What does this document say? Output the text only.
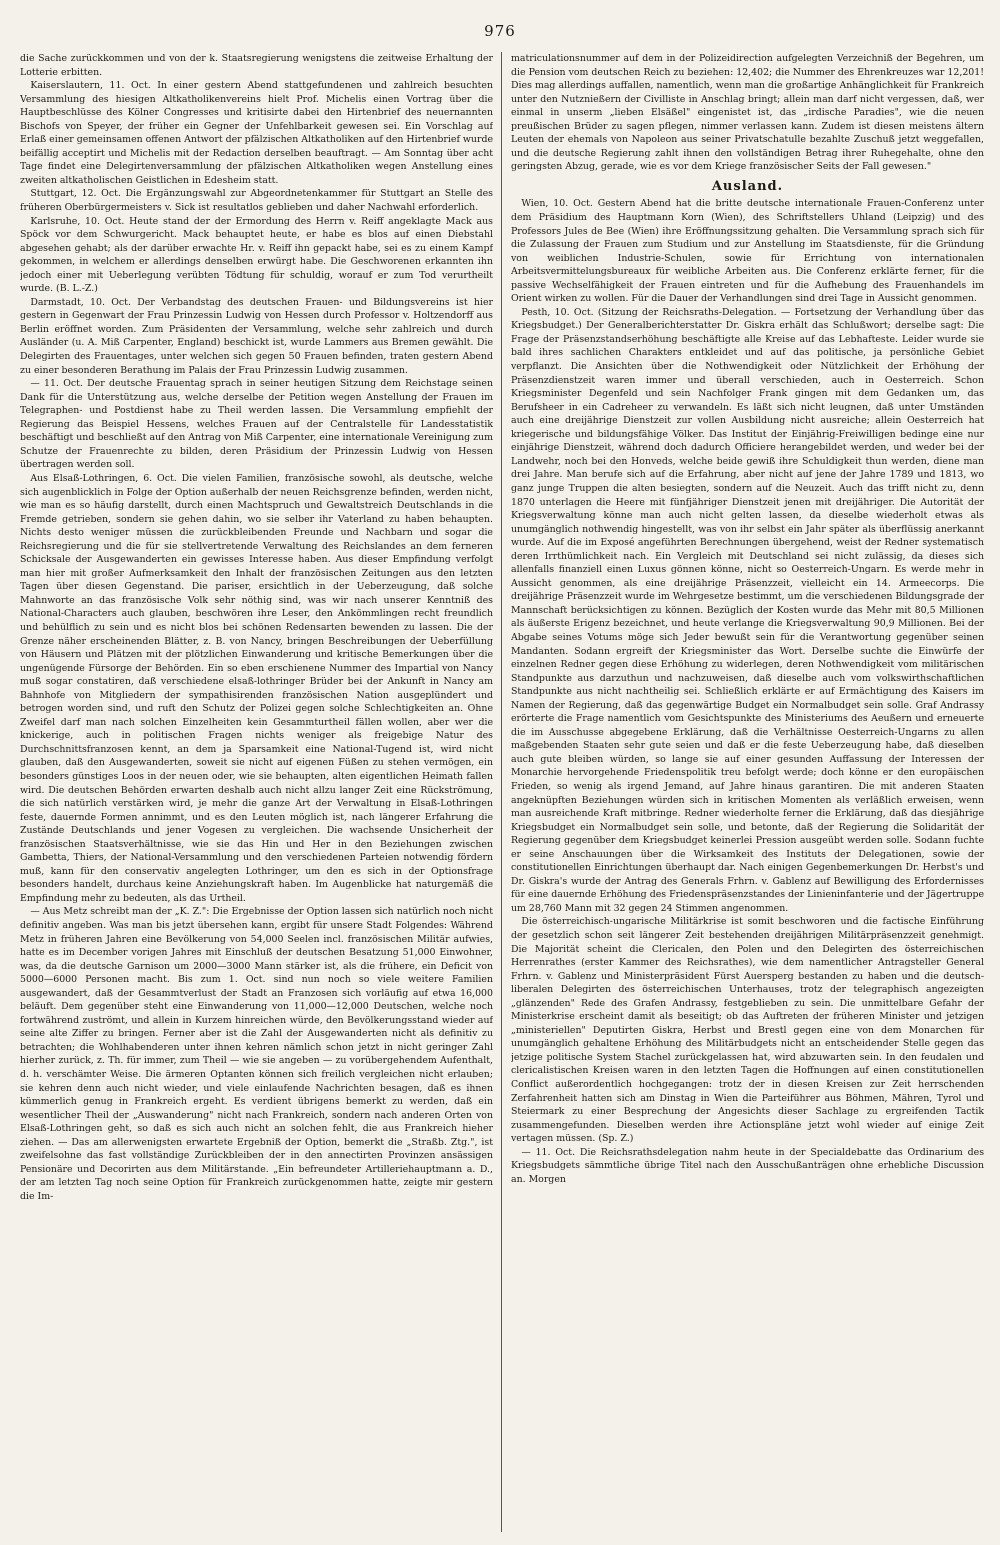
976

die Sache zurückkommen und von der k. Staatsregierung wenigstens die zeitweise Erhaltung der Lotterie erbitten.

Kaiserslautern, 11. Oct. In einer gestern Abend stattgefundenen und zahlreich besuchten Versammlung des hiesigen Altkatholikenvereins hielt Prof. Michelis einen Vortrag über die Hauptbeschlüsse des Kölner Congresses und kritisirte dabei den Hirtenbrief des neuernannten Bischofs von Speyer, der früher ein Gegner der Unfehlbarkeit gewesen sei. Ein Vorschlag auf Erlaß einer gemeinsamen offenen Antwort der pfälzischen Altkatholiken auf den Hirtenbrief wurde beifällig acceptirt und Michelis mit der Redaction derselben beauftragt. — Am Sonntag über acht Tage findet eine Delegirtenversammlung der pfälzischen Altkatholiken wegen Anstellung eines zweiten altkatholischen Geistlichen in Edesheim statt.

Stuttgart, 12. Oct. Die Ergänzungswahl zur Abgeordnetenkammer für Stuttgart an Stelle des früheren Oberbürgermeisters v. Sick ist resultatlos geblieben und daher Nachwahl erforderlich.

Karlsruhe, 10. Oct. Heute stand der der Ermordung des Herrn v. Reiff angeklagte Mack aus Spöck vor dem Schwurgericht. Mack behauptet heute, er habe es blos auf einen Diebstahl abgesehen gehabt; als der darüber erwachte Hr. v. Reiff ihn gepackt habe, sei es zu einem Kampf gekommen, in welchem er allerdings denselben erwürgt habe. Die Geschworenen erkannten ihn jedoch einer mit Ueberlegung verübten Tödtung für schuldig, worauf er zum Tod verurtheilt wurde. (B. L.-Z.)

Darmstadt, 10. Oct. Der Verbandstag des deutschen Frauen- und Bildungsvereins ist hier gestern in Gegenwart der Frau Prinzessin Ludwig von Hessen durch Professor v. Holtzendorff aus Berlin eröffnet worden. Zum Präsidenten der Versammlung, welche sehr zahlreich und durch Ausländer (u. A. Miß Carpenter, England) beschickt ist, wurde Lammers aus Bremen gewählt. Die Delegirten des Frauentages, unter welchen sich gegen 50 Frauen befinden, traten gestern Abend zu einer besonderen Berathung im Palais der Frau Prinzessin Ludwig zusammen.

— 11. Oct. Der deutsche Frauentag sprach in seiner heutigen Sitzung dem Reichstage seinen Dank für die Unterstützung aus, welche derselbe der Petition wegen Anstellung der Frauen im Telegraphen- und Postdienst habe zu Theil werden lassen. Die Versammlung empfiehlt der Regierung das Beispiel Hessens, welches Frauen auf der Centralstelle für Landesstatistik beschäftigt und beschließt auf den Antrag von Miß Carpenter, eine internationale Vereinigung zum Schutze der Frauenrechte zu bilden, deren Präsidium der Prinzessin Ludwig von Hessen übertragen werden soll.

Aus Elsaß-Lothringen, 6. Oct. Die vielen Familien, französische sowohl, als deutsche, welche sich augenblicklich in Folge der Option außerhalb der neuen Reichsgrenze befinden, werden nicht, wie man es so häufig darstellt, durch einen Machtspruch und Gewaltstreich Deutschlands in die Fremde getrieben, sondern sie gehen dahin, wo sie selber ihr Vaterland zu haben behaupten. Nichts desto weniger müssen die zurückbleibenden Freunde und Nachbarn und sogar die Reichsregierung und die für sie stellvertretende Verwaltung des Reichslandes an dem ferneren Schicksale der Ausgewanderten ein gewisses Interesse haben. Aus dieser Empfindung verfolgt man hier mit großer Aufmerksamkeit den Inhalt der französischen Zeitungen aus den letzten Tagen über diesen Gegenstand. Die pariser, ersichtlich in der Ueberzeugung, daß solche Mahnworte an das französische Volk sehr nöthig sind, was wir nach unserer Kenntniß des National-Characters auch glauben, beschwören ihre Leser, den Ankömmlingen recht freundlich und behülflich zu sein und es nicht blos bei schönen Redensarten bewenden zu lassen. Die der Grenze näher erscheinenden Blätter, z. B. von Nancy, bringen Beschreibungen der Ueberfüllung von Häusern und Plätzen mit der plötzlichen Einwanderung und kritische Bemerkungen über die ungenügende Fürsorge der Behörden. Ein so eben erschienene Nummer des Impartial von Nancy muß sogar constatiren, daß verschiedene elsaß-lothringer Brüder bei der Ankunft in Nancy am Bahnhofe von Mitgliedern der sympathisirenden französischen Nation ausgeplündert und betrogen worden sind, und ruft den Schutz der Polizei gegen solche Schlechtigkeiten an. Ohne Zweifel darf man nach solchen Einzelheiten kein Gesammturtheil fällen wollen, aber wer die knickerige, auch in politischen Fragen nichts weniger als freigebige Natur des Durchschnittsfranzosen kennt, an dem ja Sparsamkeit eine National-Tugend ist, wird nicht glauben, daß den Ausgewanderten, soweit sie nicht auf eigenen Füßen zu stehen vermögen, ein besonders günstiges Loos in der neuen oder, wie sie behaupten, alten eigentlichen Heimath fallen wird. Die deutschen Behörden erwarten deshalb auch nicht allzu langer Zeit eine Rückströmung, die sich natürlich verstärken wird, je mehr die ganze Art der Verwaltung in Elsaß-Lothringen feste, dauernde Formen annimmt, und es den Leuten möglich ist, nach längerer Erfahrung die Zustände Deutschlands und jener Vogesen zu vergleichen. Die wachsende Unsicherheit der französischen Staatsverhältnisse, wie sie das Hin und Her in den Beziehungen zwischen Gambetta, Thiers, der National-Versammlung und den verschiedenen Parteien notwendig fördern muß, kann für den conservativ angelegten Lothringer, um den es sich in der Optionsfrage besonders handelt, durchaus keine Anziehungskraft haben. Im Augenblicke hat naturgemäß die Empfindung mehr zu bedeuten, als das Urtheil.

— Aus Metz schreibt man der „K. Z.": Die Ergebnisse der Option lassen sich natürlich noch nicht definitiv angeben. Was man bis jetzt übersehen kann, ergibt für unsere Stadt Folgendes: Während Metz in früheren Jahren eine Bevölkerung von 54,000 Seelen incl. französischen Militär aufwies, hatte es im December vorigen Jahres mit Einschluß der deutschen Besatzung 51,000 Einwohner, was, da die deutsche Garnison um 2000—3000 Mann stärker ist, als die frühere, ein Deficit von 5000—6000 Personen macht. Bis zum 1. Oct. sind nun noch so viele weitere Familien ausgewandert, daß der Gesammtverlust der Stadt an Franzosen sich vorläufig auf etwa 16,000 beläuft. Dem gegenüber steht eine Einwanderung von 11,000—12,000 Deutschen, welche noch fortwährend zuströmt, und allein in Kurzem hinreichen würde, den Bevölkerungsstand wieder auf seine alte Ziffer zu bringen. Ferner aber ist die Zahl der Ausgewanderten nicht als definitiv zu betrachten; die Wohlhabenderen unter ihnen kehren nämlich schon jetzt in nicht geringer Zahl hierher zurück, z. Th. für immer, zum Theil — wie sie angeben — zu vorübergehendem Aufenthalt, d. h. verschämter Weise. Die ärmeren Optanten können sich freilich vergleichen nicht erlauben; sie kehren denn auch nicht wieder, und viele einlaufende Nachrichten besagen, daß es ihnen kümmerlich genug in Frankreich ergeht. Es verdient übrigens bemerkt zu werden, daß ein wesentlicher Theil der „Auswanderung" nicht nach Frankreich, sondern nach anderen Orten von Elsaß-Lothringen geht, so daß es sich auch nicht an solchen fehlt, die aus Frankreich hieher ziehen. — Das am allerwenigsten erwartete Ergebniß der Option, bemerkt die „Straßb. Ztg.", ist zweifelsohne das fast vollständige Zurückbleiben der in den annectirten Provinzen ansässigen Pensionäre und Decorirten aus dem Militärstande. „Ein befreundeter Artilleriehauptmann a. D., der am letzten Tag noch seine Option für Frankreich zurückgenommen hatte, zeigte mir gestern die Im-

matriculationsnummer auf dem in der Polizeidirection aufgelegten Verzeichniß der Begehren, um die Pension vom deutschen Reich zu beziehen: 12,402; die Nummer des Ehrenkreuzes war 12,201! Dies mag allerdings auffallen, namentlich, wenn man die großartige Anhänglichkeit für Frankreich unter den Nutznießern der Civilliste in Anschlag bringt; allein man darf nicht vergessen, daß, wer einmal in unserm „lieben Elsäßel" eingenistet ist, das „irdische Paradies", wie die neuen preußischen Brüder zu sagen pflegen, nimmer verlassen kann. Zudem ist diesen meistens ältern Leuten der ehemals von Napoleon aus seiner Privatschatulle bezahlte Zuschuß jetzt weggefallen, und die deutsche Regierung zahlt ihnen den vollständigen Betrag ihrer Ruhegehalte, ohne den geringsten Abzug, gerade, wie es vor dem Kriege französischer Seits der Fall gewesen."

Ausland.

Wien, 10. Oct. Gestern Abend hat die britte deutsche internationale Frauen-Conferenz unter dem Präsidium des Hauptmann Korn (Wien), des Schriftstellers Uhland (Leipzig) und des Professors Jules de Bee (Wien) ihre Eröffnungssitzung gehalten. Die Versammlung sprach sich für die Zulassung der Frauen zum Studium und zur Anstellung im Staatsdienste, für die Gründung von weiblichen Industrie-Schulen, sowie für Errichtung von internationalen Arbeitsvermittelungsbureaux für weibliche Arbeiten aus. Die Conferenz erklärte ferner, für die passive Wechselfähigkeit der Frauen eintreten und für die Aufhebung des Frauenhandels im Orient wirken zu wollen. Für die Dauer der Verhandlungen sind drei Tage in Aussicht genommen.

Pesth, 10. Oct. (Sitzung der Reichsraths-Delegation. — Fortsetzung der Verhandlung über das Kriegsbudget.) Der Generalberichterstatter Dr. Giskra erhält das Schlußwort; derselbe sagt: Die Frage der Präsenzstandserhöhung beschäftigte alle Kreise auf das Lebhafteste. Leider wurde sie bald ihres sachlichen Charakters entkleidet und auf das politische, ja persönliche Gebiet verpflanzt. Die Ansichten über die Nothwendigkeit oder Nützlichkeit der Erhöhung der Präsenzdienstzeit waren immer und überall verschieden, auch in Oesterreich. Schon Kriegsminister Degenfeld und sein Nachfolger Frank gingen mit dem Gedanken um, das Berufsheer in ein Cadreheer zu verwandeln. Es läßt sich nicht leugnen, daß unter Umständen auch eine dreijährige Dienstzeit zur vollen Ausbildung nicht ausreiche; allein Oesterreich hat kriegerische und bildungsfähige Völker. Das Institut der Einjährig-Freiwilligen bedinge eine nur einjährige Dienstzeit, während doch dadurch Officiere herangebildet werden, und weder bei der Landwehr, noch bei den Honveds, welche beide gewiß ihre Schuldigkeit thun werden, diene man drei Jahre. Man berufe sich auf die Erfahrung, aber nicht auf jene der Jahre 1789 und 1813, wo ganz junge Truppen die alten besiegten, sondern auf die Neuzeit. Auch das trifft nicht zu, denn 1870 unterlagen die Heere mit fünfjähriger Dienstzeit jenen mit dreijähriger. Die Autorität der Kriegsverwaltung könne man auch nicht gelten lassen, da dieselbe wiederholt etwas als unumgänglich nothwendig hingestellt, was von ihr selbst ein Jahr später als überflüssig anerkannt wurde. Auf die im Exposé angeführten Berechnungen übergehend, weist der Redner systematisch deren Irrthümlichkeit nach. Ein Vergleich mit Deutschland sei nicht zulässig, da dieses sich allenfalls finanziell einen Luxus gönnen könne, nicht so Oesterreich-Ungarn. Es werde mehr in Aussicht genommen, als eine dreijährige Präsenzzeit, vielleicht ein 14. Armeecorps. Die dreijährige Präsenzzeit wurde im Wehrgesetze bestimmt, um die verschiedenen Bildungsgrade der Mannschaft berücksichtigen zu können. Bezüglich der Kosten wurde das Mehr mit 80,5 Millionen als äußerste Erigenz bezeichnet, und heute verlange die Kriegsverwaltung 90,9 Millionen. Bei der Abgabe seines Votums möge sich Jeder bewußt sein für die Verantwortung gegenüber seinen Mandanten. Sodann ergreift der Kriegsminister das Wort. Derselbe suchte die Einwürfe der einzelnen Redner gegen diese Erhöhung zu widerlegen, deren Nothwendigkeit vom militärischen Standpunkte aus darzuthun und nachzuweisen, daß dieselbe auch vom volkswirthschaftlichen Standpunkte aus nicht nachtheilig sei. Schließlich erklärte er auf Ermächtigung des Kaisers im Namen der Regierung, daß das gegenwärtige Budget ein Normalbudget sein solle. Graf Andrassy erörterte die Frage namentlich vom Gesichtspunkte des Ministeriums des Aeußern und erneuerte die im Ausschusse abgegebene Erklärung, daß die Verhältnisse Oesterreich-Ungarns zu allen maßgebenden Staaten sehr gute seien und daß er die feste Ueberzeugung habe, daß dieselben auch gute bleiben würden, so lange sie auf einer gesunden Auffassung der Interessen der Monarchie hervorgehende Friedenspolitik treu befolgt werde; doch könne er den europäischen Frieden, so wenig als irgend Jemand, auf Jahre hinaus garantiren. Die mit anderen Staaten angeknüpften Beziehungen würden sich in kritischen Momenten als verläßlich erweisen, wenn man ausreichende Kraft mitbringe. Redner wiederholte ferner die Erklärung, daß das diesjährige Kriegsbudget ein Normalbudget sein solle, und betonte, daß der Regierung die Solidarität der Regierung gegenüber dem Kriegsbudget keinerlei Pression ausgeübt werden solle. Sodann fuchte er seine Anschauungen über die Wirksamkeit des Instituts der Delegationen, sowie der constitutionellen Einrichtungen überhaupt dar. Nach einigen Gegenbemerkungen Dr. Herbst's und Dr. Giskra's wurde der Antrag des Generals Frhrn. v. Gablenz auf Bewilligung des Erfordernisses für eine dauernde Erhöhung des Friedenspräsenzstandes der Linieninfanterie und der Jägertruppe um 28,760 Mann mit 32 gegen 24 Stimmen angenommen.

Die österreichisch-ungarische Militärkrise ist somit beschworen und die factische Einführung der gesetzlich schon seit längerer Zeit bestehenden dreijährigen Militärpräsenzzeit genehmigt. Die Majorität scheint die Clericalen, den Polen und den Delegirten des österreichischen Herrenrathes (erster Kammer des Reichsrathes), wie dem namentlicher Antragsteller General Frhrn. v. Gablenz und Ministerpräsident Fürst Auersperg bestanden zu haben und die deutsch-liberalen Delegirten des österreichischen Unterhauses, trotz der telegraphisch angezeigten „glänzenden" Rede des Grafen Andrassy, festgeblieben zu sein. Die unmittelbare Gefahr der Ministerkrise erscheint damit als beseitigt; ob das Auftreten der früheren Minister und jetzigen „ministeriellen" Deputirten Giskra, Herbst und Brestl gegen eine von dem Monarchen für unumgänglich gehaltene Erhöhung des Militärbudgets nicht an entscheidender Stelle gegen das jetzige politische System Stachel zurückgelassen hat, wird abzuwarten sein. In den feudalen und clericalistischen Kreisen waren in den letzten Tagen die Hoffnungen auf einen constitutionellen Conflict außerordentlich hochgegangen: trotz der in diesen Kreisen zur Zeit herrschenden Zerfahrenheit hatten sich am Dinstag in Wien die Parteiführer aus Böhmen, Mähren, Tyrol und Steiermark zu einer Besprechung der Angesichts dieser Sachlage zu ergreifenden Tactik zusammengefunden. Dieselben werden ihre Actionspläne jetzt wohl wieder auf einige Zeit vertagen müssen. (Sp. Z.)

— 11. Oct. Die Reichsrathsdelegation nahm heute in der Specialdebatte das Ordinarium des Kriegsbudgets sämmtliche übrige Titel nach den Ausschußanträgen ohne erhebliche Discussion an. Morgen
